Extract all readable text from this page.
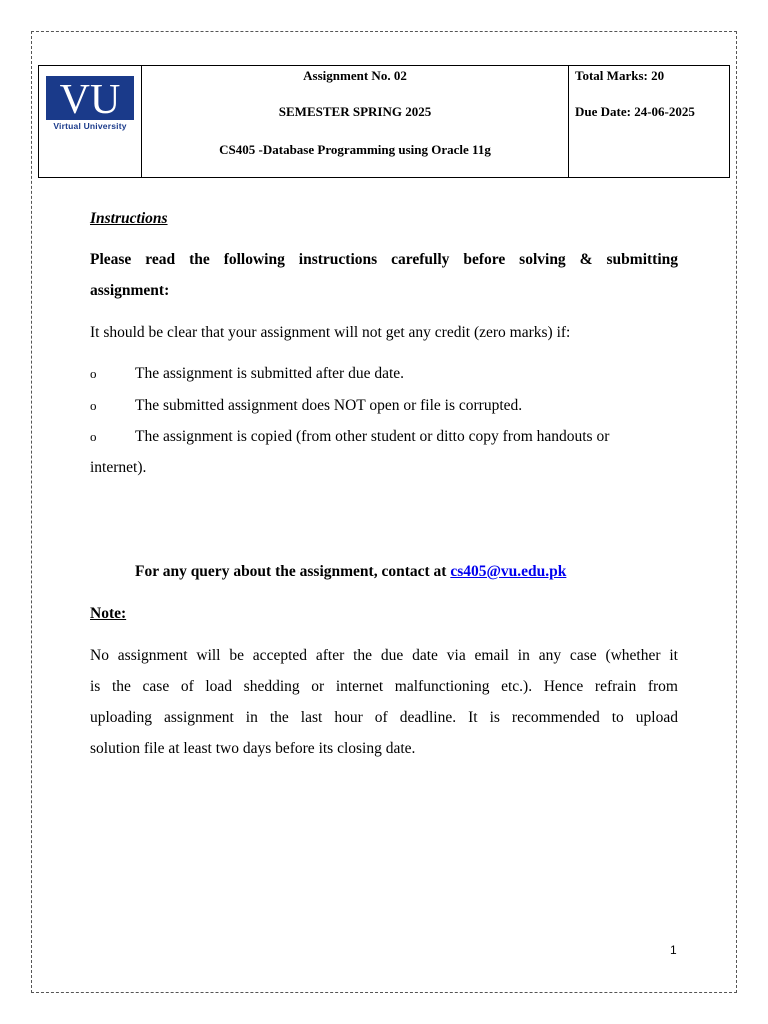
VU
Virtual University
Assignment No. 02
SEMESTER SPRING 2025
CS405 -Database Programming using Oracle 11g
Total Marks: 20
Due Date: 24-06-2025
Instructions
Please read the following instructions carefully before solving & submitting
assignment:
It should be clear that your assignment will not get any credit (zero marks) if:
o The assignment is submitted after due date.
o The submitted assignment does NOT open or file is corrupted.
o The assignment is copied (from other student or ditto copy from handouts or
internet).
For any query about the assignment, contact at cs405@vu.edu.pk
Note:
No assignment will be accepted after the due date via email in any case (whether it
is the case of load shedding or internet malfunctioning etc.). Hence refrain from
uploading assignment in the last hour of deadline. It is recommended to upload
solution file at least two days before its closing date.
1
